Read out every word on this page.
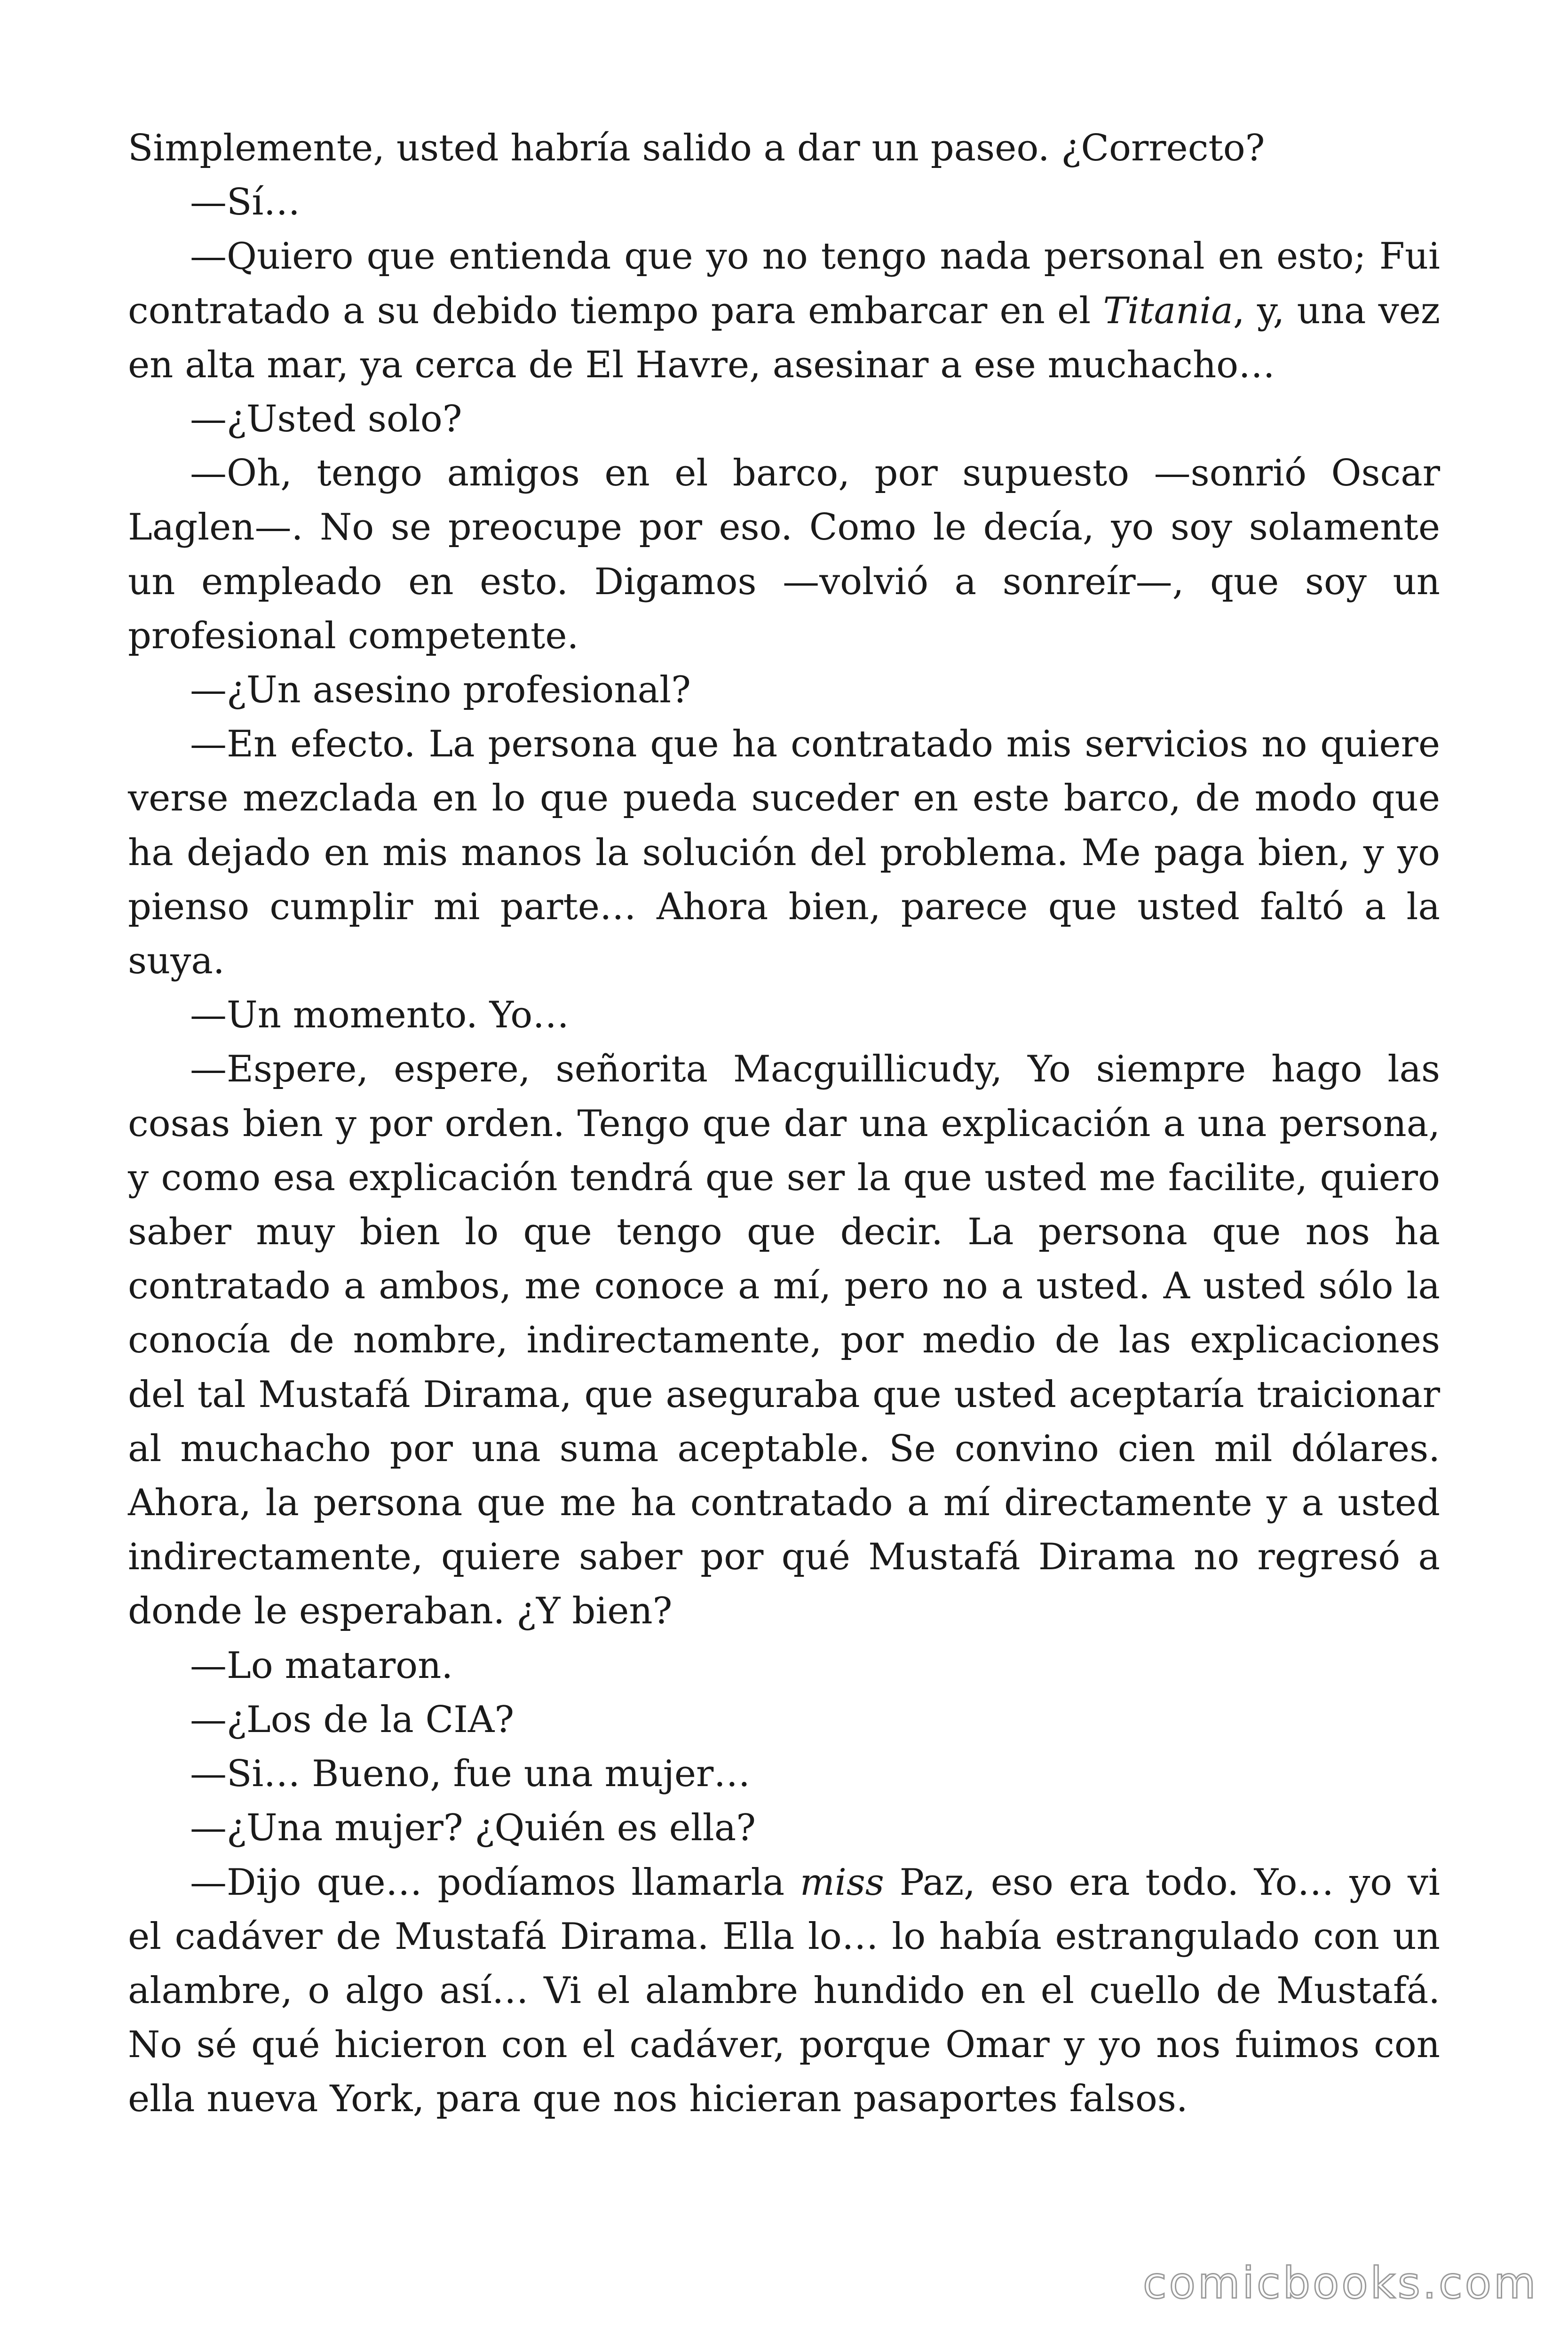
Simplemente, usted habría salido a dar un paseo. ¿Correcto?

—Sí…

—Quiero que entienda que yo no tengo nada personal en esto; Fui contratado a su debido tiempo para embarcar en el Titania, y, una vez en alta mar, ya cerca de El Havre, asesinar a ese muchacho…

—¿Usted solo?

—Oh, tengo amigos en el barco, por supuesto —sonrió Oscar Laglen—. No se preocupe por eso. Como le decía, yo soy solamente un empleado en esto. Digamos —volvió a sonreír—, que soy un profesional competente.

—¿Un asesino profesional?

—En efecto. La persona que ha contratado mis servicios no quiere verse mezclada en lo que pueda suceder en este barco, de modo que ha dejado en mis manos la solución del problema. Me paga bien, y yo pienso cumplir mi parte… Ahora bien, parece que usted faltó a la suya.

—Un momento. Yo…

—Espere, espere, señorita Macguillicudy, Yo siempre hago las cosas bien y por orden. Tengo que dar una explicación a una persona, y como esa explicación tendrá que ser la que usted me facilite, quiero saber muy bien lo que tengo que decir. La persona que nos ha contratado a ambos, me conoce a mí, pero no a usted. A usted sólo la conocía de nombre, indirectamente, por medio de las explicaciones del tal Mustafá Dirama, que aseguraba que usted aceptaría traicionar al muchacho por una suma aceptable. Se convino cien mil dólares. Ahora, la persona que me ha contratado a mí directamente y a usted indirectamente, quiere saber por qué Mustafá Dirama no regresó a donde le esperaban. ¿Y bien?

—Lo mataron.

—¿Los de la CIA?

—Si… Bueno, fue una mujer…

—¿Una mujer? ¿Quién es ella?

—Dijo que… podíamos llamarla miss Paz, eso era todo. Yo… yo vi el cadáver de Mustafá Dirama. Ella lo… lo había estrangulado con un alambre, o algo así… Vi el alambre hundido en el cuello de Mustafá. No sé qué hicieron con el cadáver, porque Omar y yo nos fuimos con ella nueva York, para que nos hicieran pasaportes falsos.

comicbooks.com
